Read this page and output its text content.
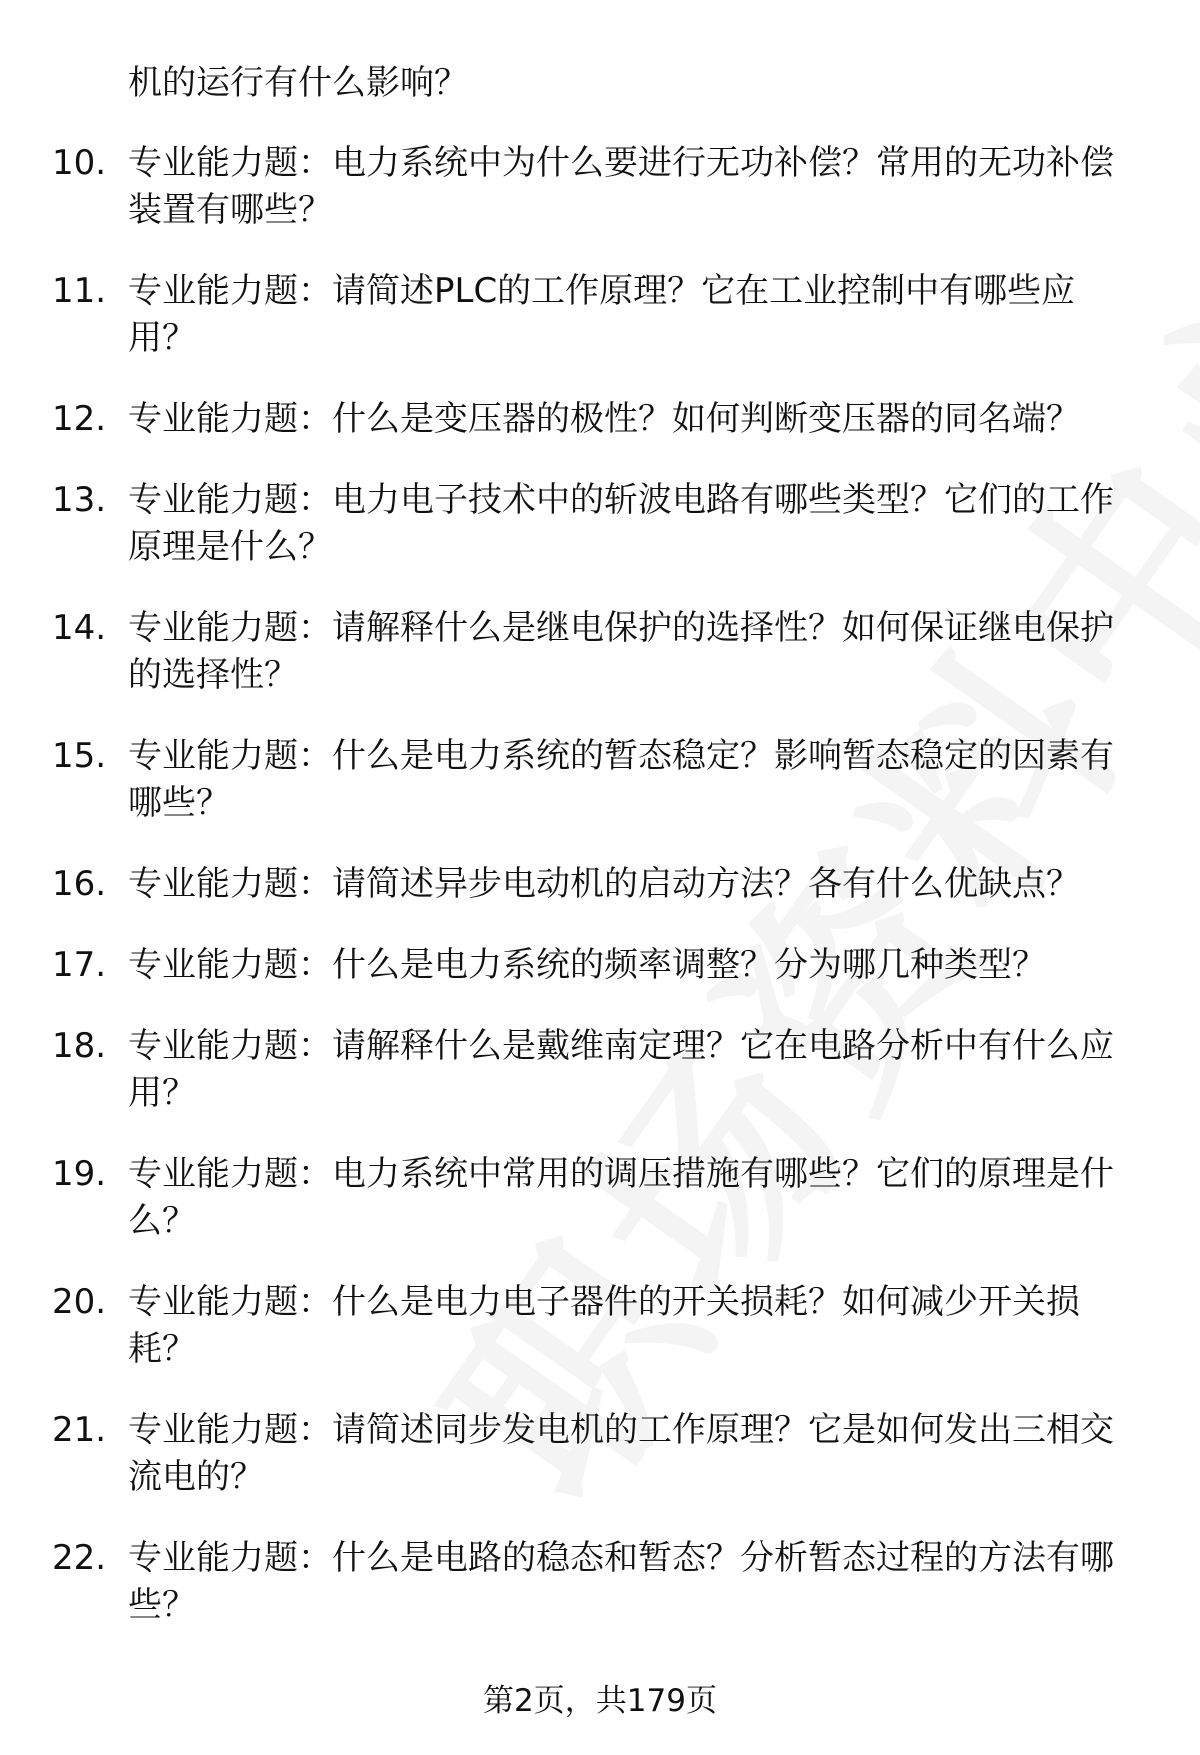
机的运行有什么影响？

10. 专业能力题：电力系统中为什么要进行无功补偿？常用的无功补偿装置有哪些？
11. 专业能力题：请简述PLC的工作原理？它在工业控制中有哪些应用？
12. 专业能力题：什么是变压器的极性？如何判断变压器的同名端？
13. 专业能力题：电力电子技术中的斩波电路有哪些类型？它们的工作原理是什么？
14. 专业能力题：请解释什么是继电保护的选择性？如何保证继电保护的选择性？
15. 专业能力题：什么是电力系统的暂态稳定？影响暂态稳定的因素有哪些？
16. 专业能力题：请简述异步电动机的启动方法？各有什么优缺点？
17. 专业能力题：什么是电力系统的频率调整？分为哪几种类型？
18. 专业能力题：请解释什么是戴维南定理？它在电路分析中有什么应用？
19. 专业能力题：电力系统中常用的调压措施有哪些？它们的原理是什么？
20. 专业能力题：什么是电力电子器件的开关损耗？如何减少开关损耗？
21. 专业能力题：请简述同步发电机的工作原理？它是如何发出三相交流电的？
22. 专业能力题：什么是电路的稳态和暂态？分析暂态过程的方法有哪些？
第2页，共179页
